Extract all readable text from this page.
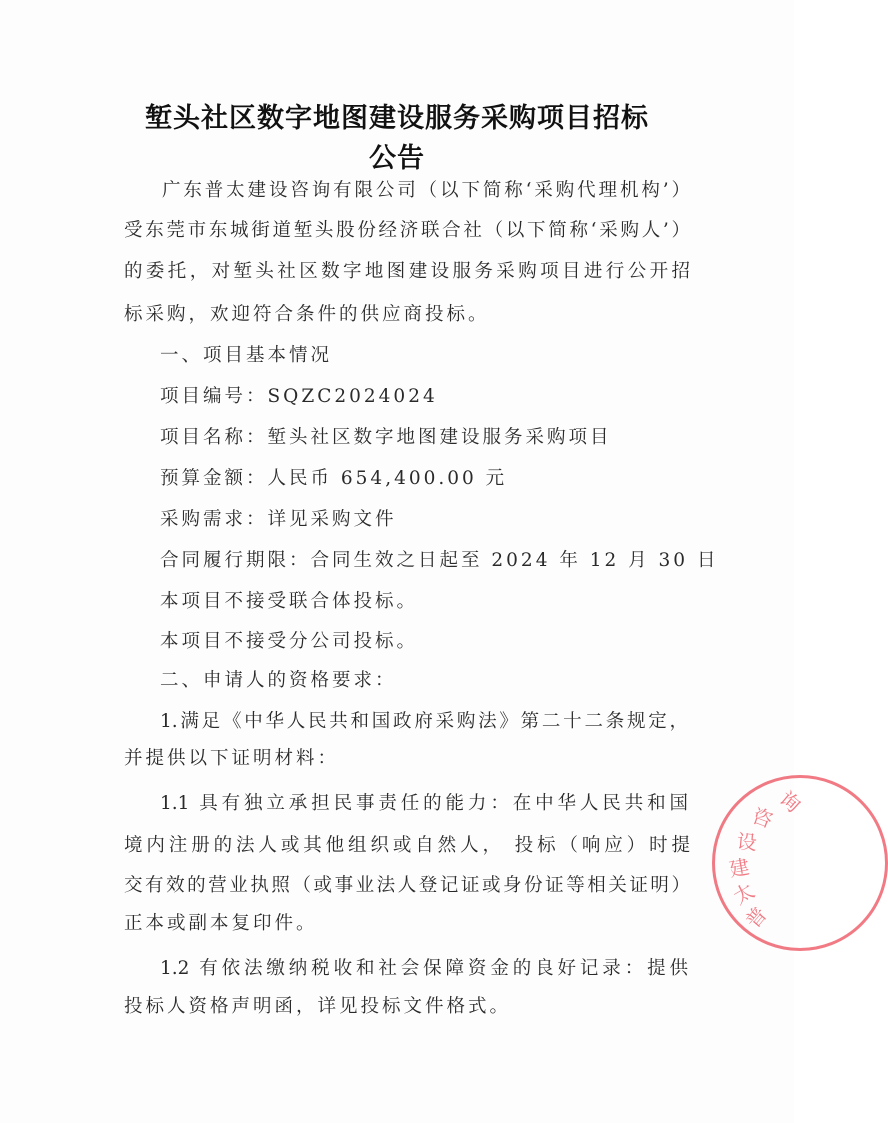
堑头社区数字地图建设服务采购项目招标
公告
广东普太建设咨询有限公司（以下简称‘采购代理机构’）
受东莞市东城街道堑头股份经济联合社（以下简称‘采购人’）
的委托，对堑头社区数字地图建设服务采购项目进行公开招
标采购，欢迎符合条件的供应商投标。
一、项目基本情况
项目编号：SQZC2024024
项目名称：堑头社区数字地图建设服务采购项目
预算金额：人民币 654,400.00 元
采购需求：详见采购文件
合同履行期限：合同生效之日起至 2024 年 12 月 30 日
本项目不接受联合体投标。
本项目不接受分公司投标。
二、申请人的资格要求：
1.满足《中华人民共和国政府采购法》第二十二条规定，
并提供以下证明材料：
1.1 具有独立承担民事责任的能力：在中华人民共和国
境内注册的法人或其他组织或自然人， 投标（响应）时提
交有效的营业执照（或事业法人登记证或身份证等相关证明）
正本或副本复印件。
1.2 有依法缴纳税收和社会保障资金的良好记录：提供
投标人资格声明函，详见投标文件格式。
询
咨
设
建
太
普
